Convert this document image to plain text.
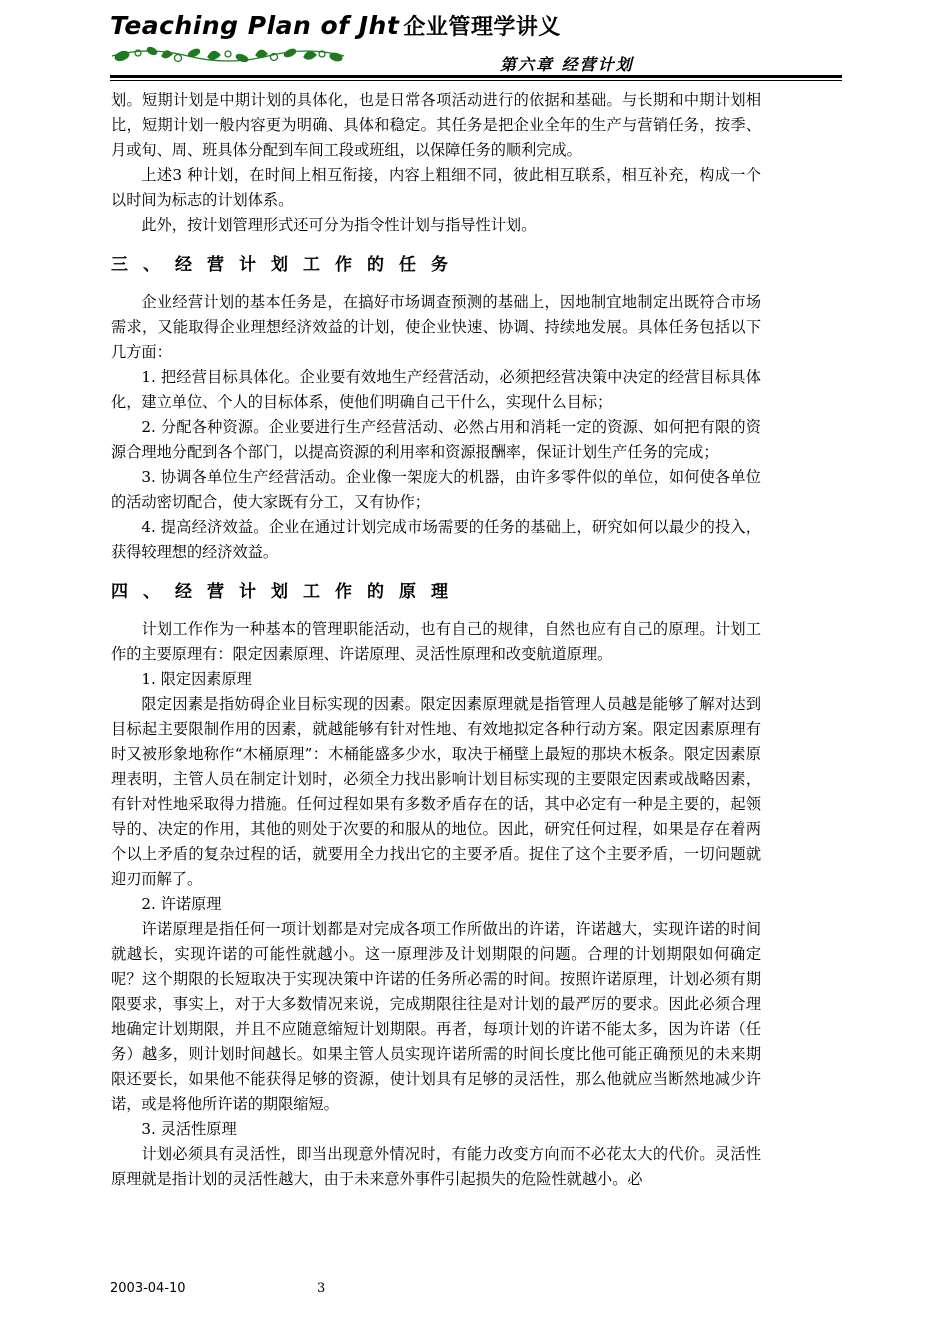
Teaching Plan of Jht 企业管理学讲义
第六章 经营计划

划。短期计划是中期计划的具体化，也是日常各项活动进行的依据和基础。与长期和中期计划相比，短期计划一般内容更为明确、具体和稳定。其任务是把企业全年的生产与营销任务，按季、月或旬、周、班具体分配到车间工段或班组，以保障任务的顺利完成。

上述3 种计划，在时间上相互衔接，内容上粗细不同，彼此相互联系，相互补充，构成一个以时间为标志的计划体系。

此外，按计划管理形式还可分为指令性计划与指导性计划。

三、经营计划工作的任务

企业经营计划的基本任务是，在搞好市场调查预测的基础上，因地制宜地制定出既符合市场需求，又能取得企业理想经济效益的计划，使企业快速、协调、持续地发展。具体任务包括以下几方面：

1. 把经营目标具体化。企业要有效地生产经营活动，必须把经营决策中决定的经营目标具体化，建立单位、个人的目标体系，使他们明确自己干什么，实现什么目标；

2. 分配各种资源。企业要进行生产经营活动、必然占用和消耗一定的资源、如何把有限的资源合理地分配到各个部门，以提高资源的利用率和资源报酬率，保证计划生产任务的完成；

3. 协调各单位生产经营活动。企业像一架庞大的机器，由许多零件似的单位，如何使各单位的活动密切配合，使大家既有分工，又有协作；

4. 提高经济效益。企业在通过计划完成市场需要的任务的基础上，研究如何以最少的投入，获得较理想的经济效益。

四、经营计划工作的原理

计划工作作为一种基本的管理职能活动，也有自己的规律，自然也应有自己的原理。计划工作的主要原理有：限定因素原理、许诺原理、灵活性原理和改变航道原理。

1. 限定因素原理

限定因素是指妨碍企业目标实现的因素。限定因素原理就是指管理人员越是能够了解对达到目标起主要限制作用的因素，就越能够有针对性地、有效地拟定各种行动方案。限定因素原理有时又被形象地称作“木桶原理”：木桶能盛多少水，取决于桶壁上最短的那块木板条。限定因素原理表明，主管人员在制定计划时，必须全力找出影响计划目标实现的主要限定因素或战略因素，有针对性地采取得力措施。任何过程如果有多数矛盾存在的话，其中必定有一种是主要的，起领导的、决定的作用，其他的则处于次要的和服从的地位。因此，研究任何过程，如果是存在着两个以上矛盾的复杂过程的话，就要用全力找出它的主要矛盾。捉住了这个主要矛盾，一切问题就迎刃而解了。

2. 许诺原理

许诺原理是指任何一项计划都是对完成各项工作所做出的许诺，许诺越大，实现许诺的时间就越长，实现许诺的可能性就越小。这一原理涉及计划期限的问题。合理的计划期限如何确定呢？这个期限的长短取决于实现决策中许诺的任务所必需的时间。按照许诺原理，计划必须有期限要求，事实上，对于大多数情况来说，完成期限往往是对计划的最严厉的要求。因此必须合理地确定计划期限，并且不应随意缩短计划期限。再者，每项计划的许诺不能太多，因为许诺（任务）越多，则计划时间越长。如果主管人员实现许诺所需的时间长度比他可能正确预见的未来期限还要长，如果他不能获得足够的资源，使计划具有足够的灵活性，那么他就应当断然地减少许诺，或是将他所许诺的期限缩短。

3. 灵活性原理

计划必须具有灵活性，即当出现意外情况时，有能力改变方向而不必花太大的代价。灵活性原理就是指计划的灵活性越大，由于未来意外事件引起损失的危险性就越小。必

2003-04-10	3
